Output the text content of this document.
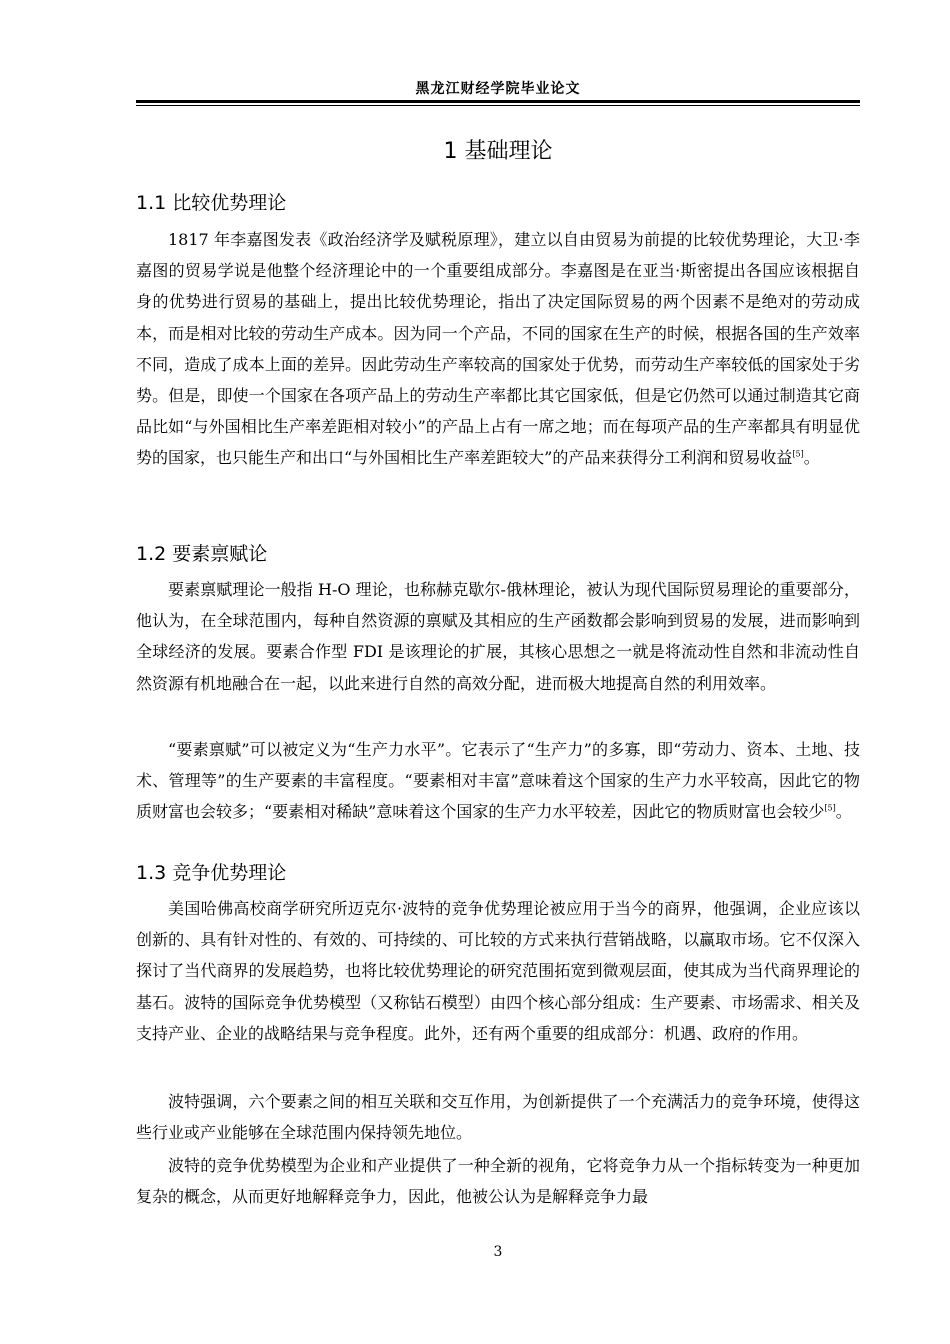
黑龙江财经学院毕业论文
1 基础理论
1.1 比较优势理论

1817 年李嘉图发表《政治经济学及赋税原理》，建立以自由贸易为前提的比较优势理论，大卫·李嘉图的贸易学说是他整个经济理论中的一个重要组成部分。李嘉图是在亚当·斯密提出各国应该根据自身的优势进行贸易的基础上，提出比较优势理论，指出了决定国际贸易的两个因素不是绝对的劳动成本，而是相对比较的劳动生产成本。因为同一个产品，不同的国家在生产的时候，根据各国的生产效率不同，造成了成本上面的差异。因此劳动生产率较高的国家处于优势，而劳动生产率较低的国家处于劣势。但是，即使一个国家在各项产品上的劳动生产率都比其它国家低，但是它仍然可以通过制造其它商品比如“与外国相比生产率差距相对较小”的产品上占有一席之地；而在每项产品的生产率都具有明显优势的国家，也只能生产和出口“与外国相比生产率差距较大”的产品来获得分工利润和贸易收益[5]。

1.2 要素禀赋论

要素禀赋理论一般指 H-O 理论，也称赫克歇尔-俄林理论，被认为现代国际贸易理论的重要部分，他认为，在全球范围内，每种自然资源的禀赋及其相应的生产函数都会影响到贸易的发展，进而影响到全球经济的发展。要素合作型 FDI 是该理论的扩展，其核心思想之一就是将流动性自然和非流动性自然资源有机地融合在一起，以此来进行自然的高效分配，进而极大地提高自然的利用效率。

“要素禀赋”可以被定义为“生产力水平”。它表示了“生产力”的多寡，即“劳动力、资本、土地、技术、管理等”的生产要素的丰富程度。“要素相对丰富”意味着这个国家的生产力水平较高，因此它的物质财富也会较多；“要素相对稀缺”意味着这个国家的生产力水平较差，因此它的物质财富也会较少[5]。

1.3 竞争优势理论

美国哈佛高校商学研究所迈克尔·波特的竞争优势理论被应用于当今的商界，他强调，企业应该以创新的、具有针对性的、有效的、可持续的、可比较的方式来执行营销战略，以赢取市场。它不仅深入探讨了当代商界的发展趋势，也将比较优势理论的研究范围拓宽到微观层面，使其成为当代商界理论的基石。波特的国际竞争优势模型（又称钻石模型）由四个核心部分组成：生产要素、市场需求、相关及支持产业、企业的战略结果与竞争程度。此外，还有两个重要的组成部分：机遇、政府的作用。

波特强调，六个要素之间的相互关联和交互作用，为创新提供了一个充满活力的竞争环境，使得这些行业或产业能够在全球范围内保持领先地位。

波特的竞争优势模型为企业和产业提供了一种全新的视角，它将竞争力从一个指标转变为一种更加复杂的概念，从而更好地解释竞争力，因此，他被公认为是解释竞争力最

3
